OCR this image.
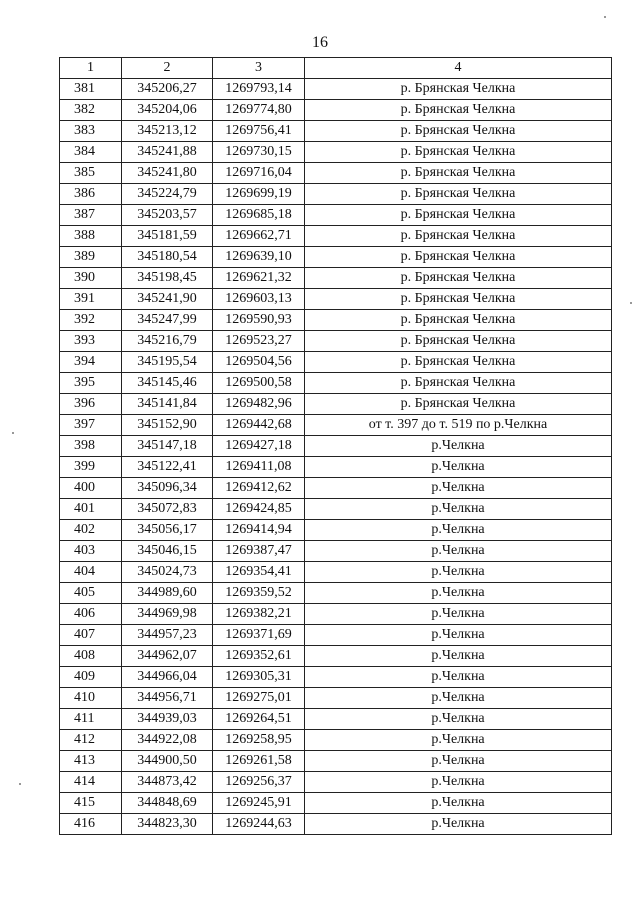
16
1	2	3	4
381	345206,27	1269793,14	р. Брянская Челкна
382	345204,06	1269774,80	р. Брянская Челкна
383	345213,12	1269756,41	р. Брянская Челкна
384	345241,88	1269730,15	р. Брянская Челкна
385	345241,80	1269716,04	р. Брянская Челкна
386	345224,79	1269699,19	р. Брянская Челкна
387	345203,57	1269685,18	р. Брянская Челкна
388	345181,59	1269662,71	р. Брянская Челкна
389	345180,54	1269639,10	р. Брянская Челкна
390	345198,45	1269621,32	р. Брянская Челкна
391	345241,90	1269603,13	р. Брянская Челкна
392	345247,99	1269590,93	р. Брянская Челкна
393	345216,79	1269523,27	р. Брянская Челкна
394	345195,54	1269504,56	р. Брянская Челкна
395	345145,46	1269500,58	р. Брянская Челкна
396	345141,84	1269482,96	р. Брянская Челкна
397	345152,90	1269442,68	от т. 397 до т. 519 по р.Челкна
398	345147,18	1269427,18	р.Челкна
399	345122,41	1269411,08	р.Челкна
400	345096,34	1269412,62	р.Челкна
401	345072,83	1269424,85	р.Челкна
402	345056,17	1269414,94	р.Челкна
403	345046,15	1269387,47	р.Челкна
404	345024,73	1269354,41	р.Челкна
405	344989,60	1269359,52	р.Челкна
406	344969,98	1269382,21	р.Челкна
407	344957,23	1269371,69	р.Челкна
408	344962,07	1269352,61	р.Челкна
409	344966,04	1269305,31	р.Челкна
410	344956,71	1269275,01	р.Челкна
411	344939,03	1269264,51	р.Челкна
412	344922,08	1269258,95	р.Челкна
413	344900,50	1269261,58	р.Челкна
414	344873,42	1269256,37	р.Челкна
415	344848,69	1269245,91	р.Челкна
416	344823,30	1269244,63	р.Челкна
